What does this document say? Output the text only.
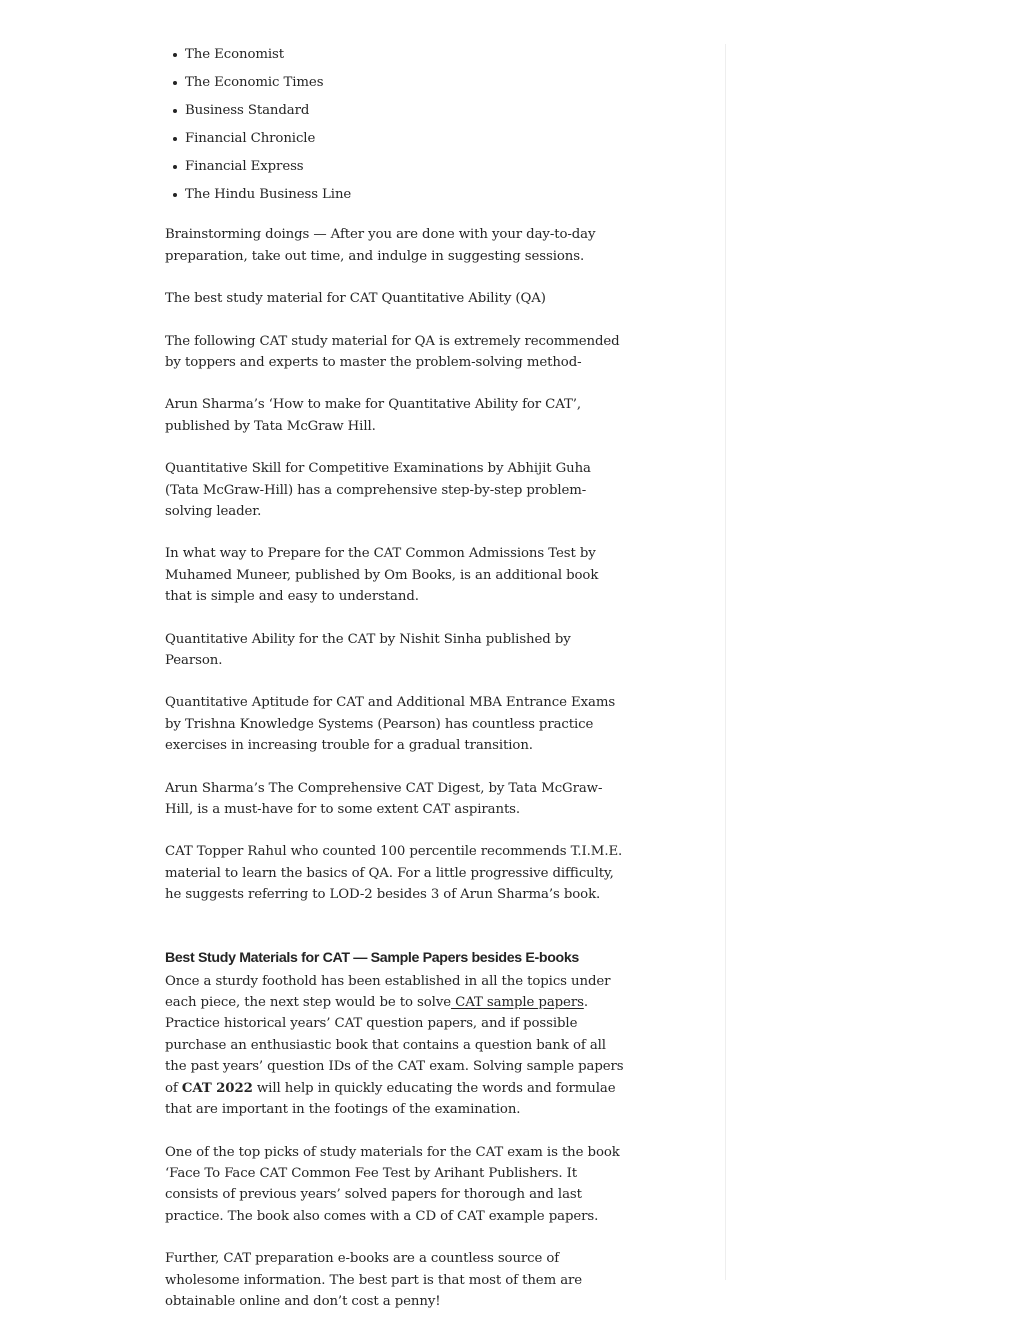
The Economist
The Economic Times
Business Standard
Financial Chronicle
Financial Express
The Hindu Business Line

Brainstorming doings — After you are done with your day-to-day preparation, take out time, and indulge in suggesting sessions.

The best study material for CAT Quantitative Ability (QA)

The following CAT study material for QA is extremely recommended by toppers and experts to master the problem-solving method-

Arun Sharma’s ‘How to make for Quantitative Ability for CAT’, published by Tata McGraw Hill.

Quantitative Skill for Competitive Examinations by Abhijit Guha (Tata McGraw-Hill) has a comprehensive step-by-step problem-solving leader.

In what way to Prepare for the CAT Common Admissions Test by Muhamed Muneer, published by Om Books, is an additional book that is simple and easy to understand.

Quantitative Ability for the CAT by Nishit Sinha published by Pearson.

Quantitative Aptitude for CAT and Additional MBA Entrance Exams by Trishna Knowledge Systems (Pearson) has countless practice exercises in increasing trouble for a gradual transition.

Arun Sharma’s The Comprehensive CAT Digest, by Tata McGraw-Hill, is a must-have for to some extent CAT aspirants.

CAT Topper Rahul who counted 100 percentile recommends T.I.M.E. material to learn the basics of QA. For a little progressive difficulty, he suggests referring to LOD-2 besides 3 of Arun Sharma’s book.

Best Study Materials for CAT — Sample Papers besides E-books

Once a sturdy foothold has been established in all the topics under each piece, the next step would be to solve CAT sample papers. Practice historical years’ CAT question papers, and if possible purchase an enthusiastic book that contains a question bank of all the past years’ question IDs of the CAT exam. Solving sample papers of CAT 2022 will help in quickly educating the words and formulae that are important in the footings of the examination.

One of the top picks of study materials for the CAT exam is the book ‘Face To Face CAT Common Fee Test by Arihant Publishers. It consists of previous years’ solved papers for thorough and last practice. The book also comes with a CD of CAT example papers.

Further, CAT preparation e-books are a countless source of wholesome information. The best part is that most of them are obtainable online and don’t cost a penny!
